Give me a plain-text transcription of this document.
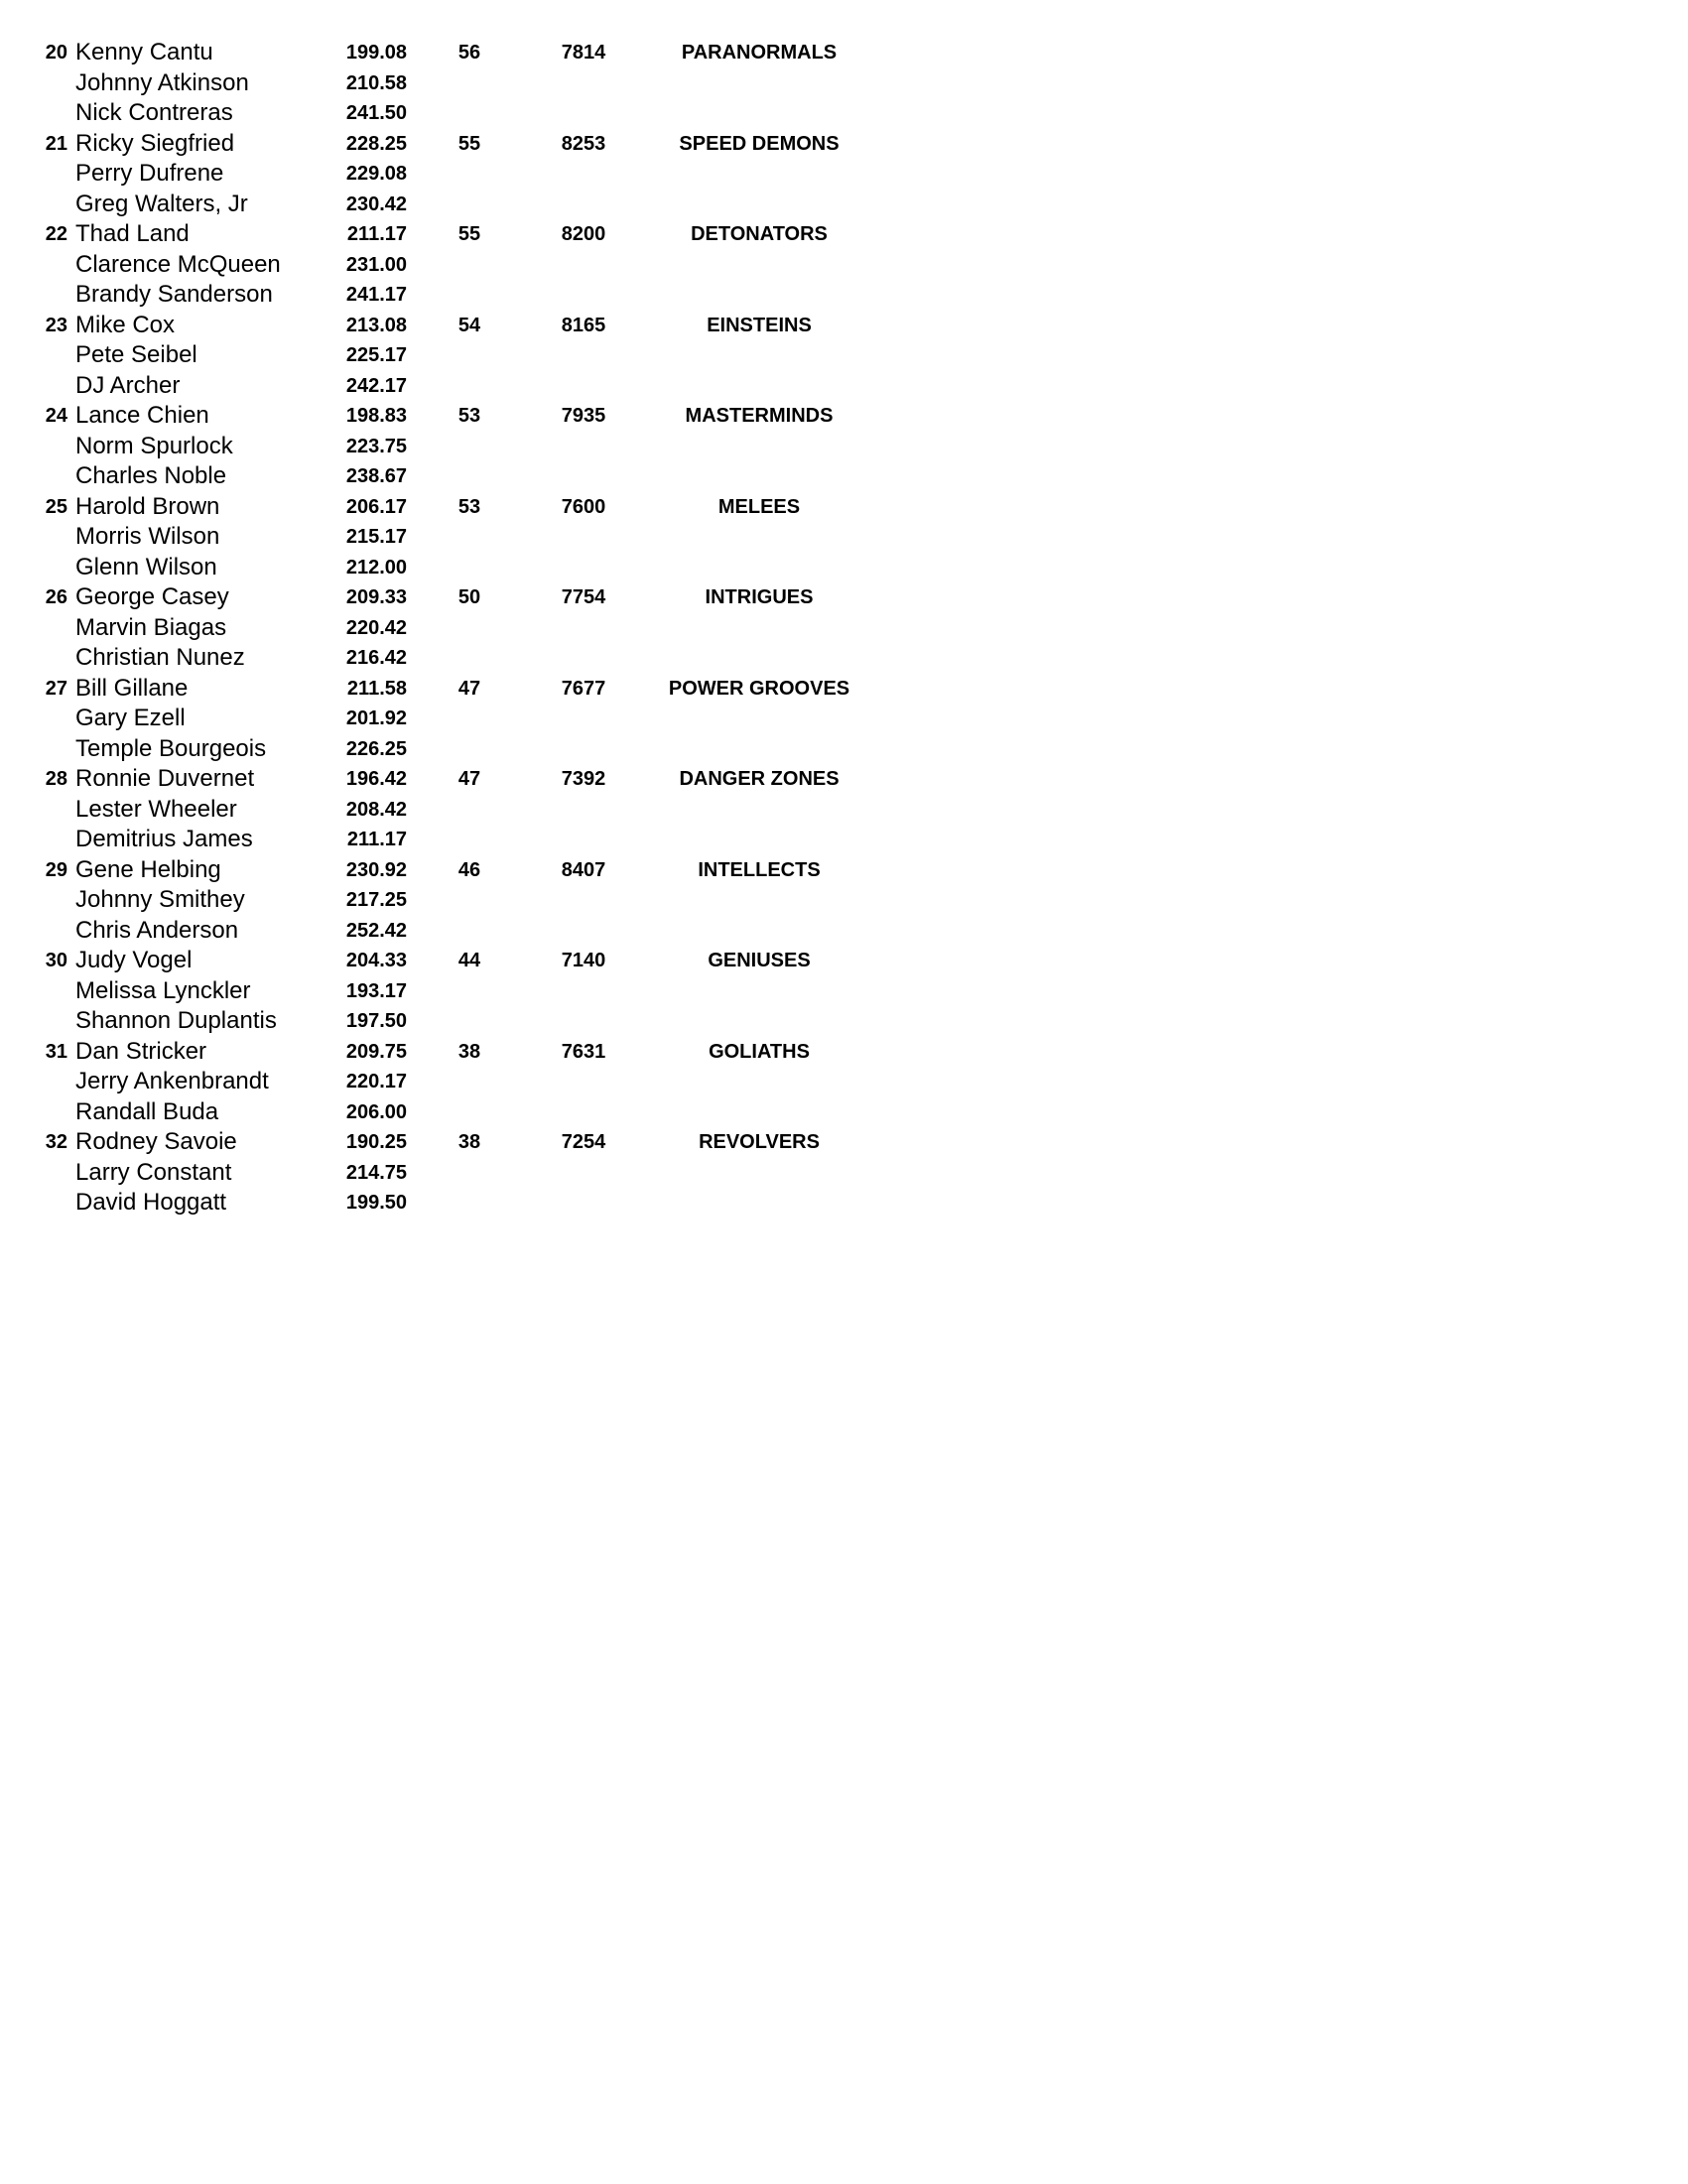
20 Kenny Cantu	199.08	56	7814	PARANORMALS
Johnny Atkinson	210.58
Nick Contreras	241.50
21 Ricky Siegfried	228.25	55	8253	SPEED DEMONS
Perry Dufrene	229.08
Greg Walters, Jr	230.42
22 Thad Land	211.17	55	8200	DETONATORS
Clarence McQueen	231.00
Brandy Sanderson	241.17
23 Mike Cox	213.08	54	8165	EINSTEINS
Pete Seibel	225.17
DJ Archer	242.17
24 Lance Chien	198.83	53	7935	MASTERMINDS
Norm Spurlock	223.75
Charles Noble	238.67
25 Harold Brown	206.17	53	7600	MELEES
Morris Wilson	215.17
Glenn Wilson	212.00
26 George Casey	209.33	50	7754	INTRIGUES
Marvin Biagas	220.42
Christian Nunez	216.42
27 Bill Gillane	211.58	47	7677	POWER GROOVES
Gary Ezell	201.92
Temple Bourgeois	226.25
28 Ronnie Duvernet	196.42	47	7392	DANGER ZONES
Lester Wheeler	208.42
Demitrius James	211.17
29 Gene Helbing	230.92	46	8407	INTELLECTS
Johnny Smithey	217.25
Chris Anderson	252.42
30 Judy Vogel	204.33	44	7140	GENIUSES
Melissa Lynckler	193.17
Shannon Duplantis	197.50
31 Dan Stricker	209.75	38	7631	GOLIATHS
Jerry Ankenbrandt	220.17
Randall Buda	206.00
32 Rodney Savoie	190.25	38	7254	REVOLVERS
Larry Constant	214.75
David Hoggatt	199.50
